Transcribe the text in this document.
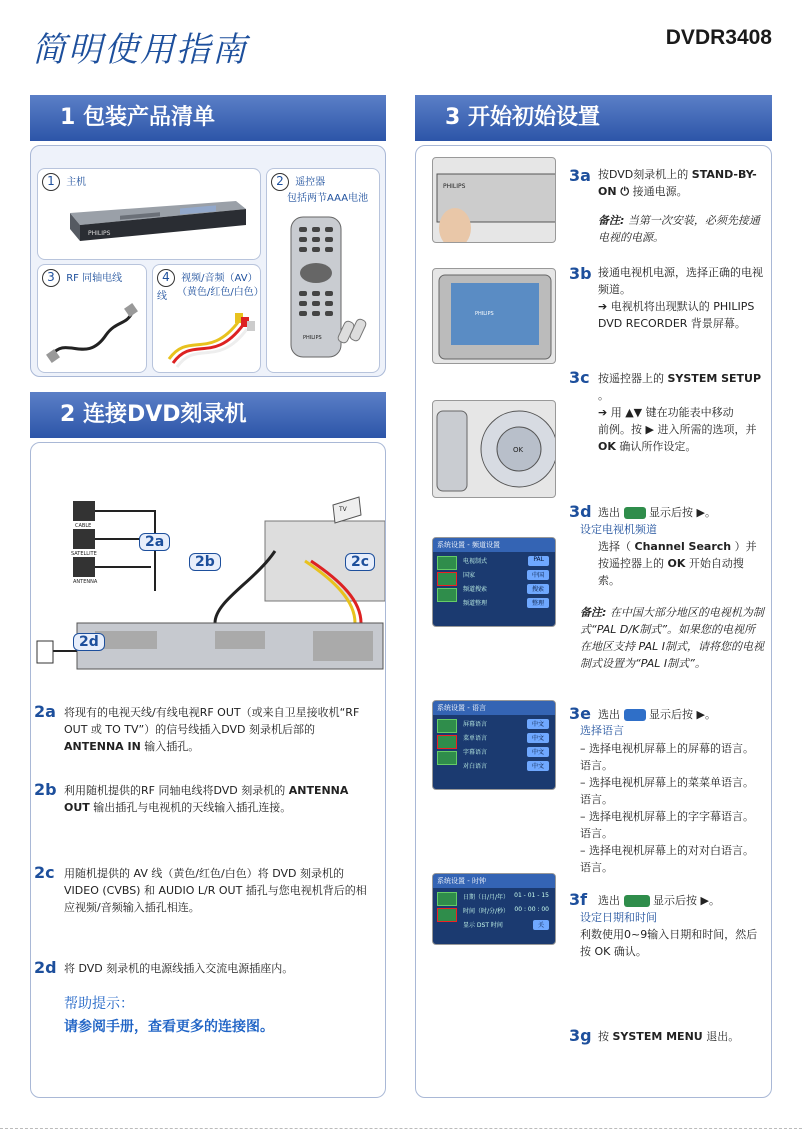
简明使用指南	DVDR3408
1 包装产品清单
2 连接DVD刻录机
3 开始初始设置
1 主机
PHILIPS
2 遥控器
包括两节AAA电池
PHILIPS
3 RF 同轴电线	4 视频/音频（AV）线	（黄色/红色/白色）
CABLE
SATELLITE
ANTENNA
TV
2a
2b	2c
2d
2a 将现有的电视天线/有线电视RF OUT（或来自卫星接收机“RF OUT 或 TO TV”）的信号线插入DVD 刻录机后部的 ANTENNA IN 输入插孔。
2b 利用随机提供的RF 同轴电线将DVD 刻录机的 ANTENNA OUT 输出插孔与电视机的天线输入插孔连接。
2c 用随机提供的 AV 线（黄色/红色/白色）将 DVD 刻录机的 VIDEO (CVBS) 和 AUDIO L/R OUT 插孔与您电视机背后的相应视频/音频输入插孔相连。
2d 将 DVD 刻录机的电源线插入交流电源插座内。
帮助提示：
请参阅手册，查看更多的连接图。
PHILIPS
3a 按DVD刻录机上的 STAND-BY-ON ⏻ 接通电源。
备注: 当第一次安装，必须先接通电视的电源。
PHILIPS
3b 接通电视机电源，选择正确的电视频道。
➔ 电视机将出现默认的 PHILIPS DVD RECORDER 背景屏幕。
OK
3c 按遥控器上的 SYSTEM SETUP 。
➔ 用 ▲▼ 键在功能表中移动
前例。按 ▶ 进入所需的选项，并 OK 确认所作设定。
系统设置 - 频道设置
电视制式	PAL
国家	中国
频道搜索	搜索
频道整理	整理
3d 选出  显示后按 ▶。
设定电视机频道
选择（ Channel Search ）并按遥控器上的 OK 开始自动搜索。
备注: 在中国大部分地区的电视机为制式“PAL D/K制式”。如果您的电视所在地区支持 PAL I制式，请将您的电视制式设置为“PAL I制式”。
系统设置 - 语言
屏幕语言	中文
菜单语言	中文
字幕语言	中文
对白语言	中文
3e 选出  显示后按 ▶。
选择语言
– 选择电视机屏幕上的屏幕的语言。语言。
– 选择电视机屏幕上的菜菜单语言。语言。
– 选择电视机屏幕上的字字幕语言。语言。
– 选择电视机屏幕上的对对白语言。语言。
系统设置 - 时钟
日期（日/月/年） 01 - 01 - 15
时间（时/分/秒） 00 : 00 : 00
显示 DST 时间	关
3f 选出  显示后按 ▶。
设定日期和时间
利数使用0~9输入日期和时间，然后按 OK 确认。
3g 按 SYSTEM MENU 退出。
